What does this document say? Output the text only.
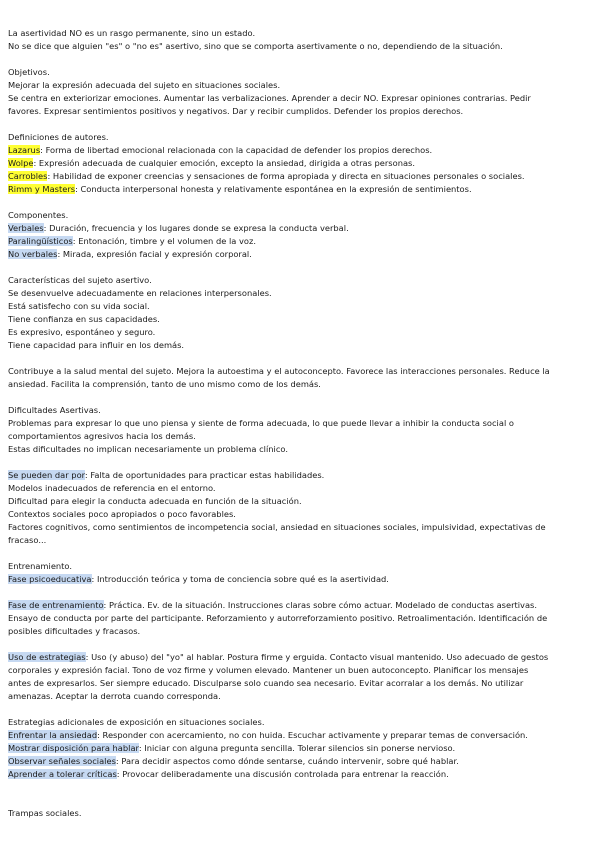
La asertividad NO es un rasgo permanente, sino un estado.
No se dice que alguien "es" o "no es" asertivo, sino que se comporta asertivamente o no, dependiendo de la situación.
Objetivos.
Mejorar la expresión adecuada del sujeto en situaciones sociales.
Se centra en exteriorizar emociones. Aumentar las verbalizaciones. Aprender a decir NO. Expresar opiniones contrarias. Pedir
favores. Expresar sentimientos positivos y negativos. Dar y recibir cumplidos. Defender los propios derechos.
Definiciones de autores.
Lazarus: Forma de libertad emocional relacionada con la capacidad de defender los propios derechos.
Wolpe: Expresión adecuada de cualquier emoción, excepto la ansiedad, dirigida a otras personas.
Carrobles: Habilidad de exponer creencias y sensaciones de forma apropiada y directa en situaciones personales o sociales.
Rimm y Masters: Conducta interpersonal honesta y relativamente espontánea en la expresión de sentimientos.
Componentes.
Verbales: Duración, frecuencia y los lugares donde se expresa la conducta verbal.
Paralingüísticos: Entonación, timbre y el volumen de la voz.
No verbales: Mirada, expresión facial y expresión corporal.
Características del sujeto asertivo.
Se desenvuelve adecuadamente en relaciones interpersonales.
Está satisfecho con su vida social.
Tiene confianza en sus capacidades.
Es expresivo, espontáneo y seguro.
Tiene capacidad para influir en los demás.
Contribuye a la salud mental del sujeto. Mejora la autoestima y el autoconcepto. Favorece las interacciones personales. Reduce la
ansiedad. Facilita la comprensión, tanto de uno mismo como de los demás.
Dificultades Asertivas.
Problemas para expresar lo que uno piensa y siente de forma adecuada, lo que puede llevar a inhibir la conducta social o
comportamientos agresivos hacia los demás.
Estas dificultades no implican necesariamente un problema clínico.
Se pueden dar por: Falta de oportunidades para practicar estas habilidades.
Modelos inadecuados de referencia en el entorno.
Dificultad para elegir la conducta adecuada en función de la situación.
Contextos sociales poco apropiados o poco favorables.
Factores cognitivos, como sentimientos de incompetencia social, ansiedad en situaciones sociales, impulsividad, expectativas de
fracaso...
Entrenamiento.
Fase psicoeducativa: Introducción teórica y toma de conciencia sobre qué es la asertividad.
Fase de entrenamiento: Práctica. Ev. de la situación. Instrucciones claras sobre cómo actuar. Modelado de conductas asertivas.
Ensayo de conducta por parte del participante. Reforzamiento y autorreforzamiento positivo. Retroalimentación. Identificación de
posibles dificultades y fracasos.
Uso de estrategias: Uso (y abuso) del "yo" al hablar. Postura firme y erguida. Contacto visual mantenido. Uso adecuado de gestos
corporales y expresión facial. Tono de voz firme y volumen elevado. Mantener un buen autoconcepto. Planificar los mensajes
antes de expresarlos. Ser siempre educado. Disculparse solo cuando sea necesario. Evitar acorralar a los demás. No utilizar
amenazas. Aceptar la derrota cuando corresponda.
Estrategias adicionales de exposición en situaciones sociales.
Enfrentar la ansiedad: Responder con acercamiento, no con huida. Escuchar activamente y preparar temas de conversación.
Mostrar disposición para hablar: Iniciar con alguna pregunta sencilla. Tolerar silencios sin ponerse nervioso.
Observar señales sociales: Para decidir aspectos como dónde sentarse, cuándo intervenir, sobre qué hablar.
Aprender a tolerar críticas: Provocar deliberadamente una discusión controlada para entrenar la reacción.
Trampas sociales.
